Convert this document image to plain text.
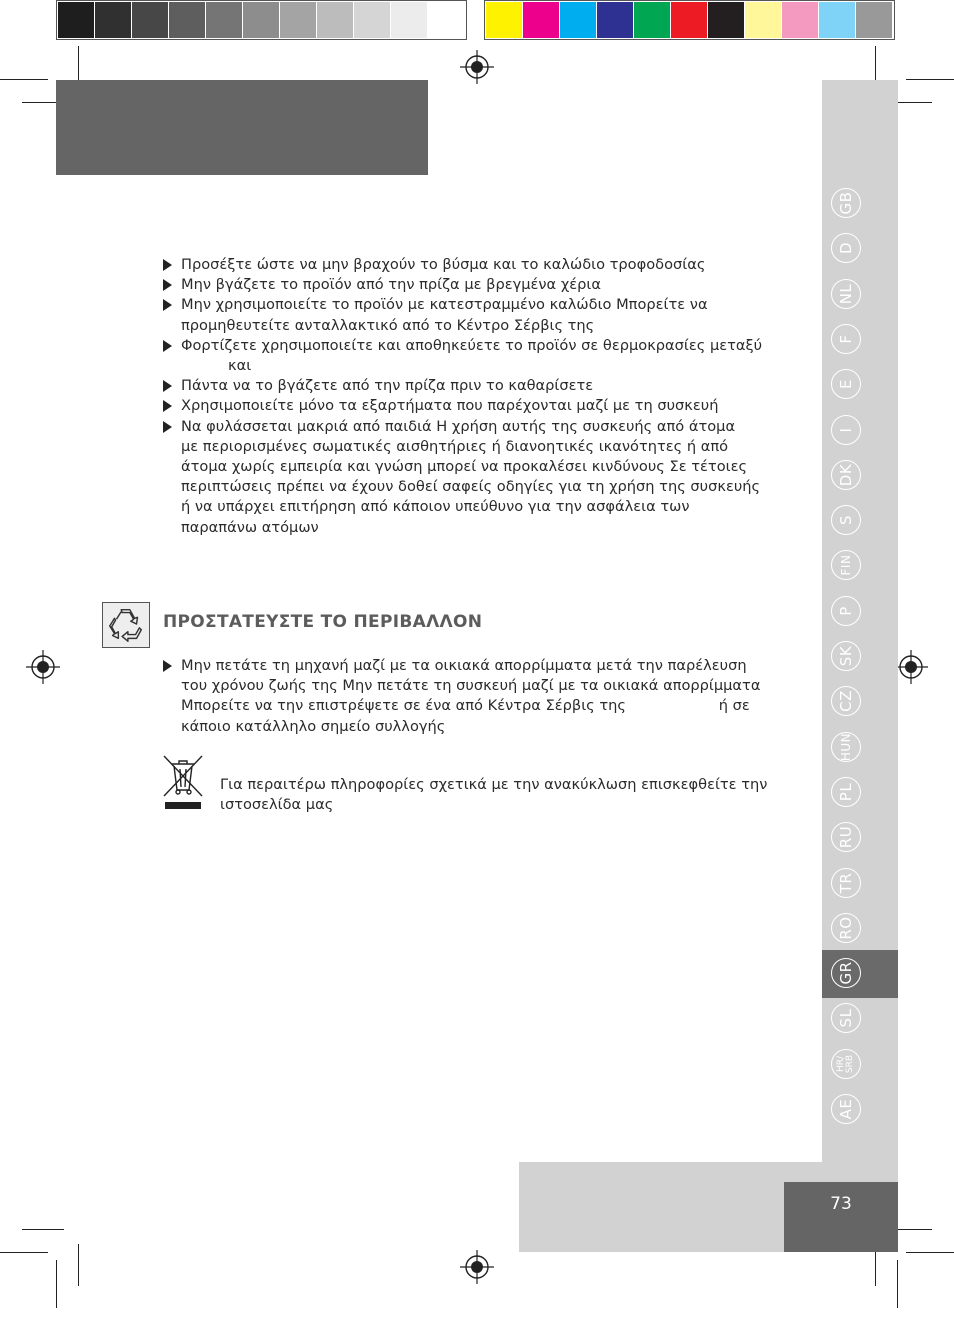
GB
D
NL
F
E
I
DK
S
FIN
P
SK
CZ
HUN
PL
RU
TR
RO
GR
SL
HR/ SRB
AE
73
Προσέξτε ώστε να μην βραχούν το βύσμα και το καλώδιο τροφοδοσίας
Μην βγάζετε το προϊόν από την πρίζα με βρεγμένα χέρια
Μην χρησιμοποιείτε το προϊόν με κατεστραμμένο καλώδιο Μπορείτε να
προμηθευτείτε ανταλλακτικό από το Κέντρο Σέρβις της
Φορτίζετε χρησιμοποιείτε και αποθηκεύετε το προϊόν σε θερμοκρασίες μεταξύ
και
Πάντα να το βγάζετε από την πρίζα πριν το καθαρίσετε
Χρησιμοποιείτε μόνο τα εξαρτήματα που παρέχονται μαζί με τη συσκευή
Να φυλάσσεται μακριά από παιδιά Η χρήση αυτής της συσκευής από άτομα
με περιορισμένες σωματικές αισθητήριες ή διανοητικές ικανότητες ή από
άτομα χωρίς εμπειρία και γνώση μπορεί να προκαλέσει κινδύνους Σε τέτοιες
περιπτώσεις πρέπει να έχουν δοθεί σαφείς οδηγίες για τη χρήση της συσκευής
ή να υπάρχει επιτήρηση από κάποιον υπεύθυνο για την ασφάλεια των
παραπάνω ατόμων
ΠΡΟΣΤΑΤΕΥΣΤΕ ΤΟ ΠΕΡΙΒΑΛΛΟΝ
Μην πετάτε τη μηχανή μαζί με τα οικιακά απορρίμματα μετά την παρέλευση
του χρόνου ζωής της Μην πετάτε τη συσκευή μαζί με τα οικιακά απορρίμματα
Μπορείτε να την επιστρέψετε σε ένα από Κέντρα Σέρβις της                    ή σε
κάποιο κατάλληλο σημείο συλλογής
Για περαιτέρω πληροφορίες σχετικά με την ανακύκλωση επισκεφθείτε την
ιστοσελίδα μας
